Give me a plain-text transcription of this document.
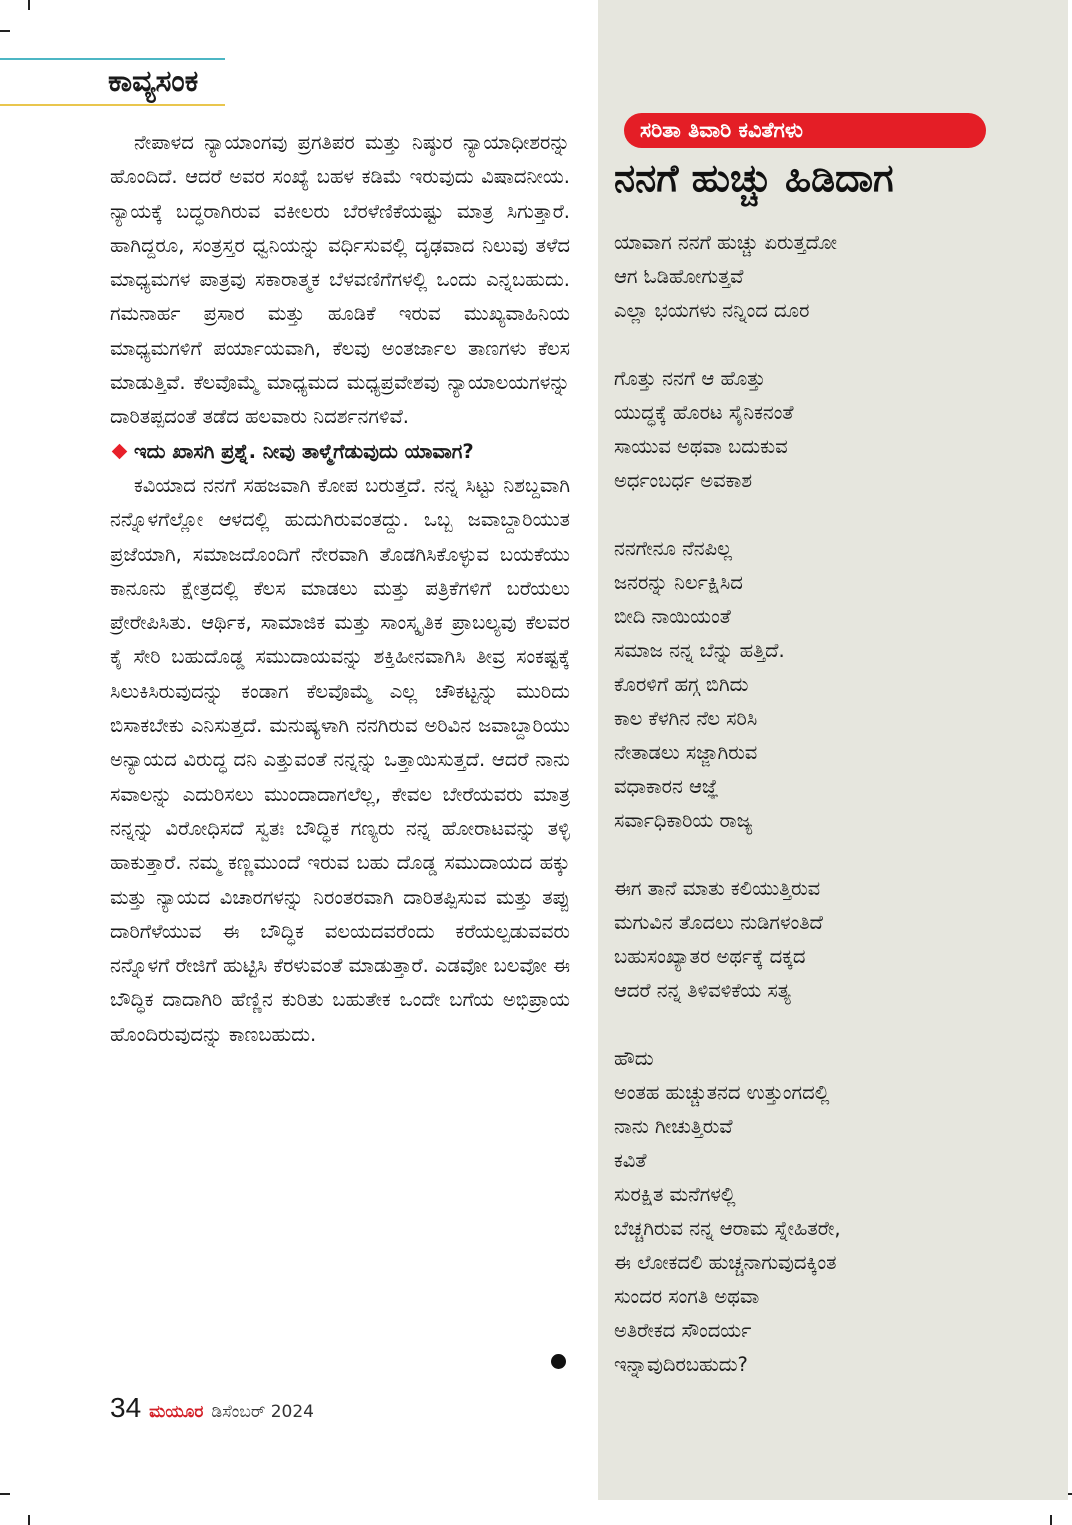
ಕಾವ್ಯಸಂಕ

ನೇಪಾಳದ ನ್ಯಾಯಾಂಗವು ಪ್ರಗತಿಪರ ಮತ್ತು ನಿಷ್ಠುರ ನ್ಯಾಯಾಧೀಶರನ್ನು ಹೊಂದಿದೆ. ಆದರೆ ಅವರ ಸಂಖ್ಯೆ ಬಹಳ ಕಡಿಮೆ ಇರುವುದು ವಿಷಾದನೀಯ. ನ್ಯಾಯಕ್ಕೆ ಬದ್ಧರಾಗಿರುವ ವಕೀಲರು ಬೆರಳೆಣಿಕೆಯಷ್ಟು ಮಾತ್ರ ಸಿಗುತ್ತಾರೆ. ಹಾಗಿದ್ದರೂ, ಸಂತ್ರಸ್ತರ ಧ್ವನಿಯನ್ನು ವರ್ಧಿಸುವಲ್ಲಿ ದೃಢವಾದ ನಿಲುವು ತಳೆದ ಮಾಧ್ಯಮಗಳ ಪಾತ್ರವು ಸಕಾರಾತ್ಮಕ ಬೆಳವಣಿಗೆಗಳಲ್ಲಿ ಒಂದು ಎನ್ನಬಹುದು. ಗಮನಾರ್ಹ ಪ್ರಸಾರ ಮತ್ತು ಹೂಡಿಕೆ ಇರುವ ಮುಖ್ಯವಾಹಿನಿಯ ಮಾಧ್ಯಮಗಳಿಗೆ ಪರ್ಯಾಯವಾಗಿ, ಕೆಲವು ಅಂತರ್ಜಾಲ ತಾಣಗಳು ಕೆಲಸ ಮಾಡುತ್ತಿವೆ. ಕೆಲವೊಮ್ಮೆ ಮಾಧ್ಯಮದ ಮಧ್ಯಪ್ರವೇಶವು ನ್ಯಾಯಾಲಯಗಳನ್ನು ದಾರಿತಪ್ಪದಂತೆ ತಡೆದ ಹಲವಾರು ನಿದರ್ಶನಗಳಿವೆ.

ಇದು ಖಾಸಗಿ ಪ್ರಶ್ನೆ. ನೀವು ತಾಳ್ಮೆಗೆಡುವುದು ಯಾವಾಗ?

ಕವಿಯಾದ ನನಗೆ ಸಹಜವಾಗಿ ಕೋಪ ಬರುತ್ತದೆ. ನನ್ನ ಸಿಟ್ಟು ನಿಶಬ್ದವಾಗಿ ನನ್ನೊಳಗೆಲ್ಲೋ ಆಳದಲ್ಲಿ ಹುದುಗಿರುವಂತದ್ದು. ಒಬ್ಬ ಜವಾಬ್ದಾರಿಯುತ ಪ್ರಜೆಯಾಗಿ, ಸಮಾಜದೊಂದಿಗೆ ನೇರವಾಗಿ ತೊಡಗಿಸಿಕೊಳ್ಳುವ ಬಯಕೆಯು ಕಾನೂನು ಕ್ಷೇತ್ರದಲ್ಲಿ ಕೆಲಸ ಮಾಡಲು ಮತ್ತು ಪತ್ರಿಕೆಗಳಿಗೆ ಬರೆಯಲು ಪ್ರೇರೇಪಿಸಿತು. ಆರ್ಥಿಕ, ಸಾಮಾಜಿಕ ಮತ್ತು ಸಾಂಸ್ಕೃತಿಕ ಪ್ರಾಬಲ್ಯವು ಕೆಲವರ ಕೈ ಸೇರಿ ಬಹುದೊಡ್ಡ ಸಮುದಾಯವನ್ನು ಶಕ್ತಿಹೀನವಾಗಿಸಿ ತೀವ್ರ ಸಂಕಷ್ಟಕ್ಕೆ ಸಿಲುಕಿಸಿರುವುದನ್ನು ಕಂಡಾಗ ಕೆಲವೊಮ್ಮೆ ಎಲ್ಲ ಚೌಕಟ್ಟನ್ನು ಮುರಿದು ಬಿಸಾಕಬೇಕು ಎನಿಸುತ್ತದೆ. ಮನುಷ್ಯಳಾಗಿ ನನಗಿರುವ ಅರಿವಿನ ಜವಾಬ್ದಾರಿಯು ಅನ್ಯಾಯದ ವಿರುದ್ಧ ದನಿ ಎತ್ತುವಂತೆ ನನ್ನನ್ನು ಒತ್ತಾಯಿಸುತ್ತದೆ. ಆದರೆ ನಾನು ಸವಾಲನ್ನು ಎದುರಿಸಲು ಮುಂದಾದಾಗಲೆಲ್ಲ, ಕೇವಲ ಬೇರೆಯವರು ಮಾತ್ರ ನನ್ನನ್ನು ವಿರೋಧಿಸದೆ ಸ್ವತಃ ಬೌದ್ಧಿಕ ಗಣ್ಯರು ನನ್ನ ಹೋರಾಟವನ್ನು ತಳ್ಳಿ ಹಾಕುತ್ತಾರೆ. ನಮ್ಮ ಕಣ್ಣಮುಂದೆ ಇರುವ ಬಹು ದೊಡ್ಡ ಸಮುದಾಯದ ಹಕ್ಕು ಮತ್ತು ನ್ಯಾಯದ ವಿಚಾರಗಳನ್ನು ನಿರಂತರವಾಗಿ ದಾರಿತಪ್ಪಿಸುವ ಮತ್ತು ತಪ್ಪು ದಾರಿಗೆಳೆಯುವ ಈ ಬೌದ್ಧಿಕ ವಲಯದವರೆಂದು ಕರೆಯಲ್ಪಡುವವರು ನನ್ನೊಳಗೆ ರೇಜಿಗೆ ಹುಟ್ಟಿಸಿ ಕೆರಳುವಂತೆ ಮಾಡುತ್ತಾರೆ. ಎಡವೋ ಬಲವೋ ಈ ಬೌದ್ಧಿಕ ದಾದಾಗಿರಿ ಹೆಣ್ಣಿನ ಕುರಿತು ಬಹುತೇಕ ಒಂದೇ ಬಗೆಯ ಅಭಿಪ್ರಾಯ ಹೊಂದಿರುವುದನ್ನು ಕಾಣಬಹುದು.

34 ಮಯೂರ ಡಿಸೆಂಬರ್ 2024
ಸರಿತಾ ತಿವಾರಿ ಕವಿತೆಗಳು
ನನಗೆ ಹುಚ್ಚು ಹಿಡಿದಾಗ
ಯಾವಾಗ ನನಗೆ ಹುಚ್ಚು ಏರುತ್ತದೋ
ಆಗ ಓಡಿಹೋಗುತ್ತವೆ
ಎಲ್ಲಾ ಭಯಗಳು ನನ್ನಿಂದ ದೂರ
ಗೊತ್ತು ನನಗೆ ಆ ಹೊತ್ತು
ಯುದ್ಧಕ್ಕೆ ಹೊರಟ ಸೈನಿಕನಂತೆ
ಸಾಯುವ ಅಥವಾ ಬದುಕುವ
ಅರ್ಧಂಬರ್ಧ ಅವಕಾಶ
ನನಗೇನೂ ನೆನಪಿಲ್ಲ
ಜನರನ್ನು ನಿರ್ಲಕ್ಷಿಸಿದ
ಬೀದಿ ನಾಯಿಯಂತೆ
ಸಮಾಜ ನನ್ನ ಬೆನ್ನು ಹತ್ತಿದೆ.
ಕೊರಳಿಗೆ ಹಗ್ಗ ಬಿಗಿದು
ಕಾಲ ಕೆಳಗಿನ ನೆಲ ಸರಿಸಿ
ನೇತಾಡಲು ಸಜ್ಜಾಗಿರುವ
ವಧಾಕಾರನ ಆಜ್ಞೆ
ಸರ್ವಾಧಿಕಾರಿಯ ರಾಜ್ಯ
ಈಗ ತಾನೆ ಮಾತು ಕಲಿಯುತ್ತಿರುವ
ಮಗುವಿನ ತೊದಲು ನುಡಿಗಳಂತಿದೆ
ಬಹುಸಂಖ್ಯಾತರ ಅರ್ಥಕ್ಕೆ ದಕ್ಕದ
ಆದರೆ ನನ್ನ ತಿಳಿವಳಿಕೆಯ ಸತ್ಯ
ಹೌದು
ಅಂತಹ ಹುಚ್ಚುತನದ ಉತ್ತುಂಗದಲ್ಲಿ
ನಾನು ಗೀಚುತ್ತಿರುವೆ
ಕವಿತೆ
ಸುರಕ್ಷಿತ ಮನೆಗಳಲ್ಲಿ
ಬೆಚ್ಚಗಿರುವ ನನ್ನ ಆರಾಮ ಸ್ನೇಹಿತರೇ,
ಈ ಲೋಕದಲಿ ಹುಚ್ಚನಾಗುವುದಕ್ಕಿಂತ
ಸುಂದರ ಸಂಗತಿ ಅಥವಾ
ಅತಿರೇಕದ ಸೌಂದರ್ಯ
ಇನ್ನಾವುದಿರಬಹುದು?
